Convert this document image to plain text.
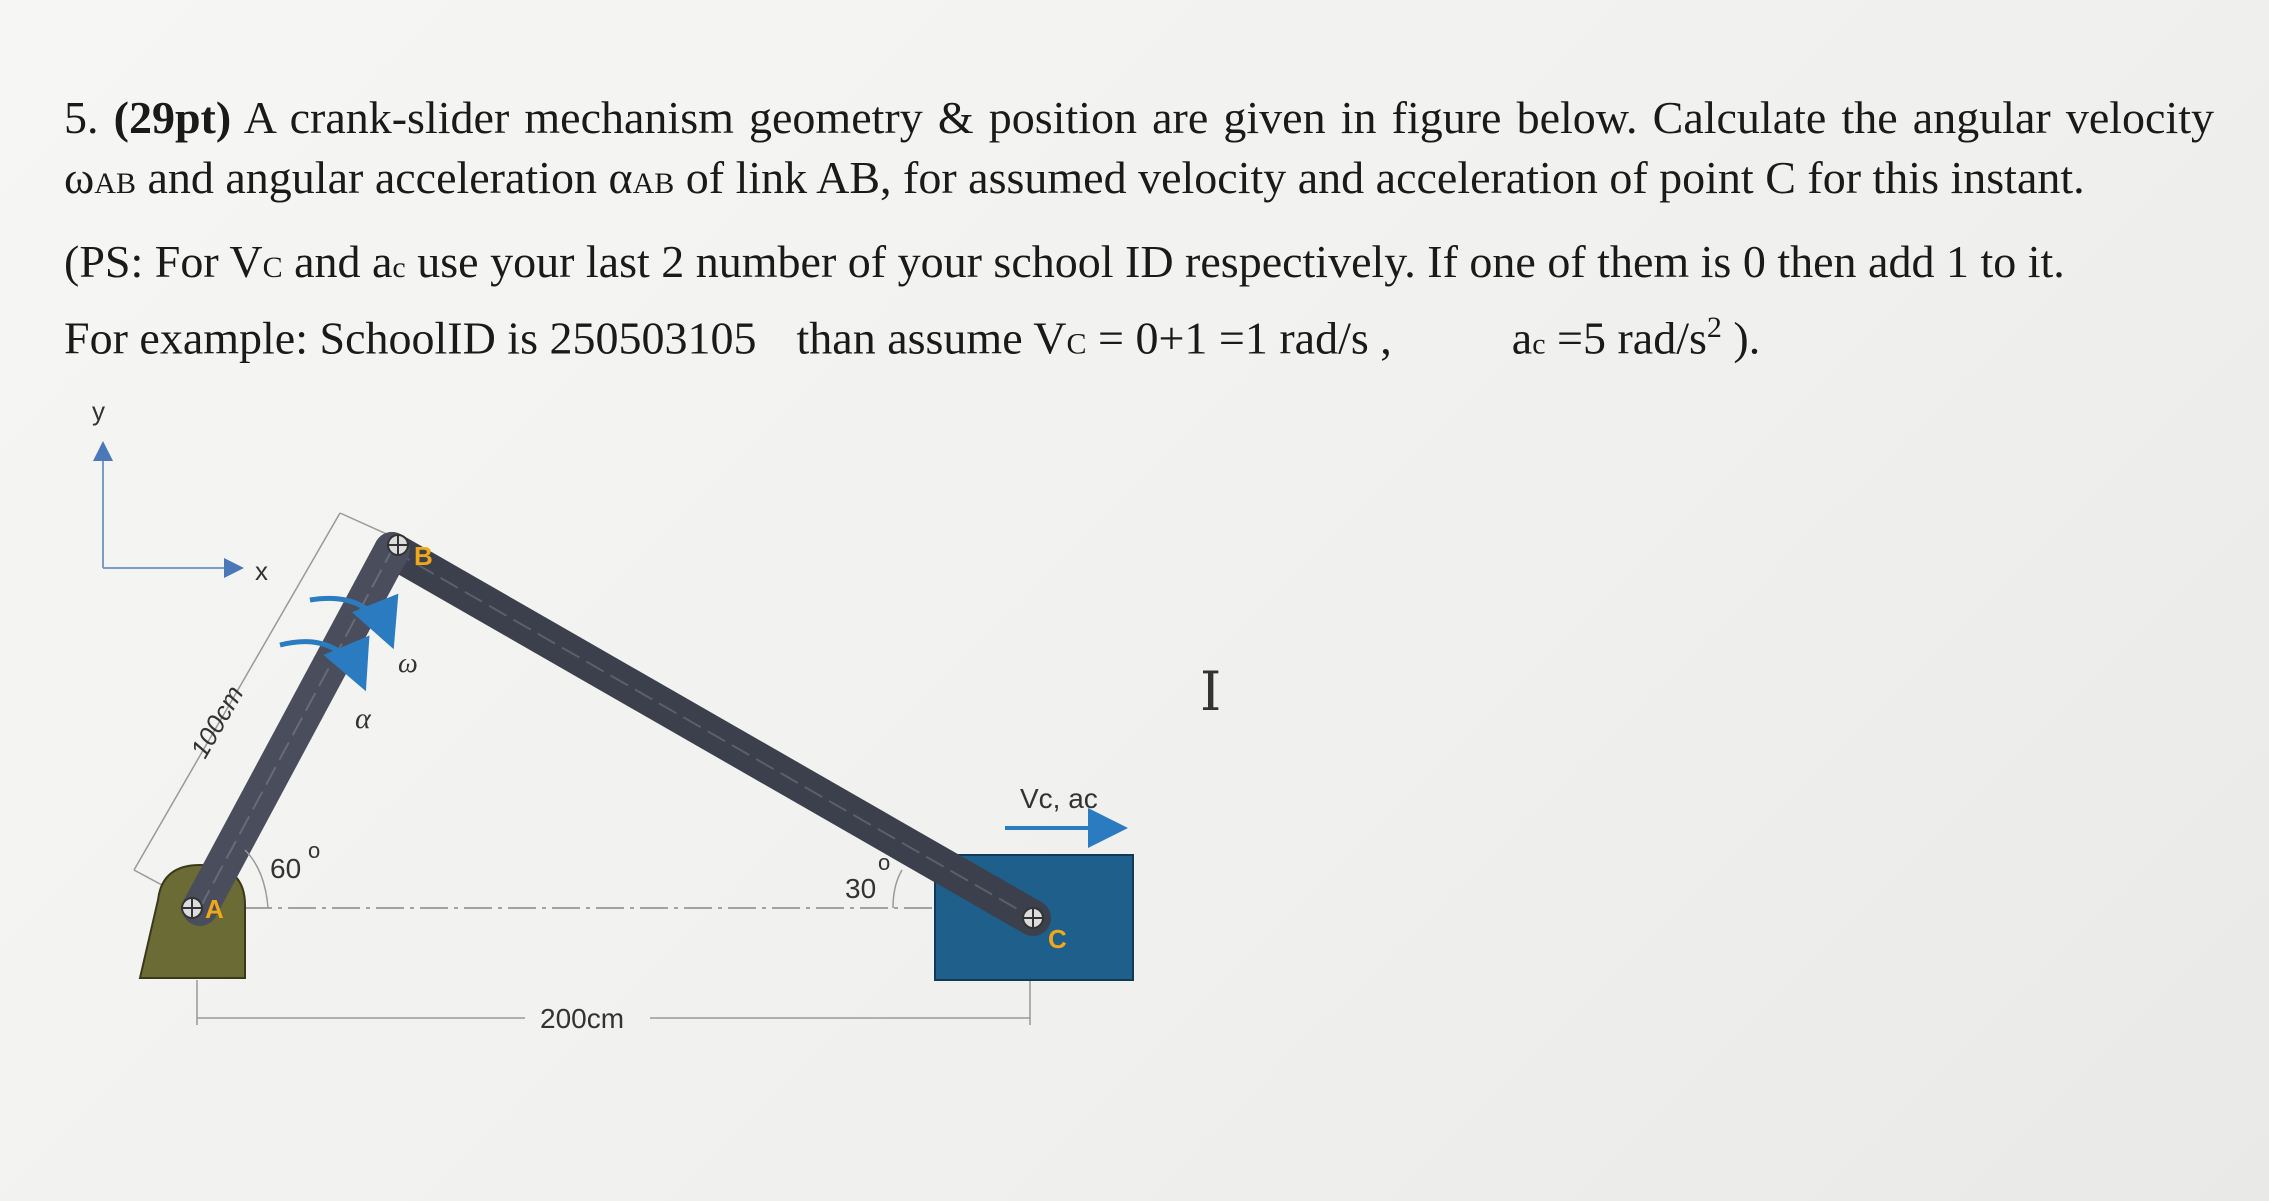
5. (29pt) A crank-slider mechanism geometry & position are given in figure below. Calculate the angular velocity ωAB and angular acceleration αAB of link AB, for assumed velocity and acceleration of point C for this instant.

(PS: For VC and ac use your last 2 number of your school ID respectively. If one of them is 0 then add 1 to it.
For example: SchoolID is 250503105 than assume VC = 0+1 =1 rad/s ,	ac =5 rad/$s^2$ ).

y
x
100cm
200cm
A
B
C
ω
α
60
o
30
o
Vc, ac
I
